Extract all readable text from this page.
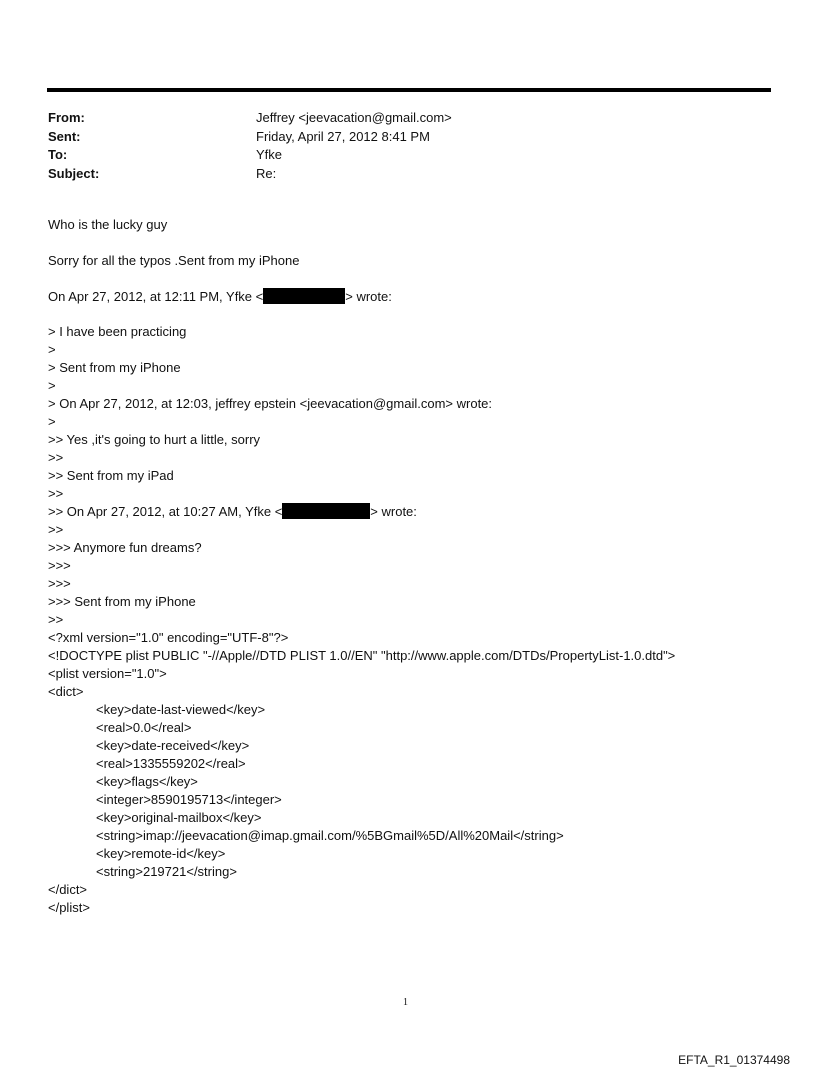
From:	Jeffrey <jeevacation@gmail.com>
Sent:	Friday, April 27, 2012 8:41 PM
To:	Yfke
Subject:	Re:
Who is the lucky guy
Sorry for all the typos .Sent from my iPhone
On Apr 27, 2012, at 12:11 PM, Yfke <	> wrote:
> I have been practicing
>
> Sent from my iPhone
>
> On Apr 27, 2012, at 12:03, jeffrey epstein <jeevacation@gmail.com> wrote:
>
>> Yes ,it's going to hurt a little, sorry
>>
>> Sent from my iPad
>>
>> On Apr 27, 2012, at 10:27 AM, Yfke <	> wrote:
>>
>>> Anymore fun dreams?
>>>
>>>
>>> Sent from my iPhone
>>
<?xml version="1.0" encoding="UTF-8"?>
<!DOCTYPE plist PUBLIC "-//Apple//DTD PLIST 1.0//EN" "http://www.apple.com/DTDs/PropertyList-1.0.dtd">
<plist version="1.0">
<dict>
<key>date-last-viewed</key>
<real>0.0</real>
<key>date-received</key>
<real>1335559202</real>
<key>flags</key>
<integer>8590195713</integer>
<key>original-mailbox</key>
<string>imap://jeevacation@imap.gmail.com/%5BGmail%5D/All%20Mail</string>
<key>remote-id</key>
<string>219721</string>
</dict>
</plist>
1
EFTA_R1_01374498
